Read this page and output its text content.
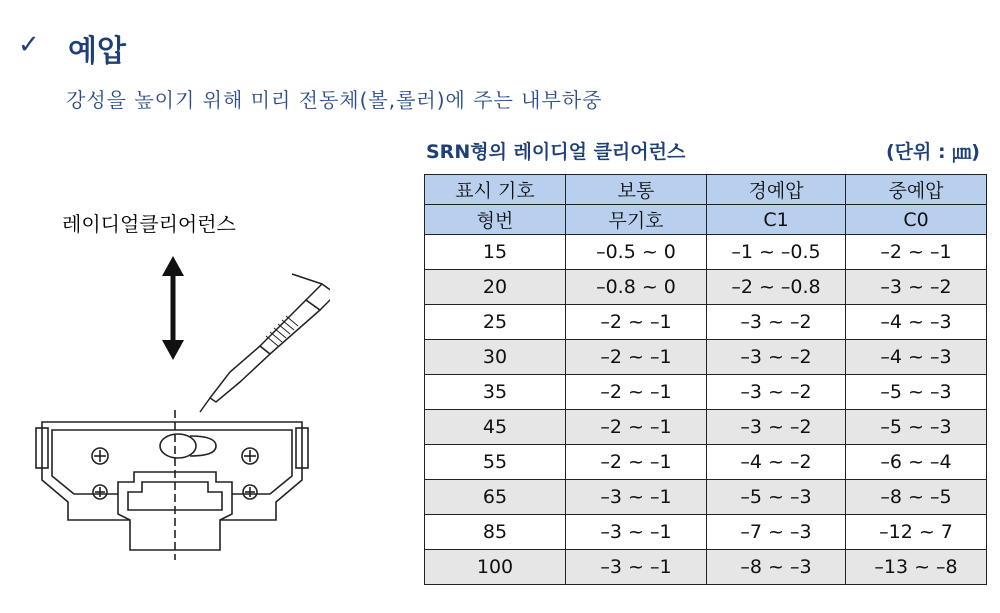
✓ 예압
강성을 높이기 위해 미리 전동체(볼,롤러)에 주는 내부하중
레이디얼클리어런스
SRN형의 레이디얼 클리어런스	(단위 : ㎛)
표시 기호	보통	경예압	중예압
형번	무기호	C1	C0
15	–0.5 ~ 0	–1 ~ –0.5	–2 ~ –1
20	–0.8 ~ 0	–2 ~ –0.8	–3 ~ –2
25	–2 ~ –1	–3 ~ –2	–4 ~ –3
30	–2 ~ –1	–3 ~ –2	–4 ~ –3
35	–2 ~ –1	–3 ~ –2	–5 ~ –3
45	–2 ~ –1	–3 ~ –2	–5 ~ –3
55	–2 ~ –1	–4 ~ –2	–6 ~ –4
65	–3 ~ –1	–5 ~ –3	–8 ~ –5
85	–3 ~ –1	–7 ~ –3	–12 ~ 7
100	–3 ~ –1	–8 ~ –3	–13 ~ –8
